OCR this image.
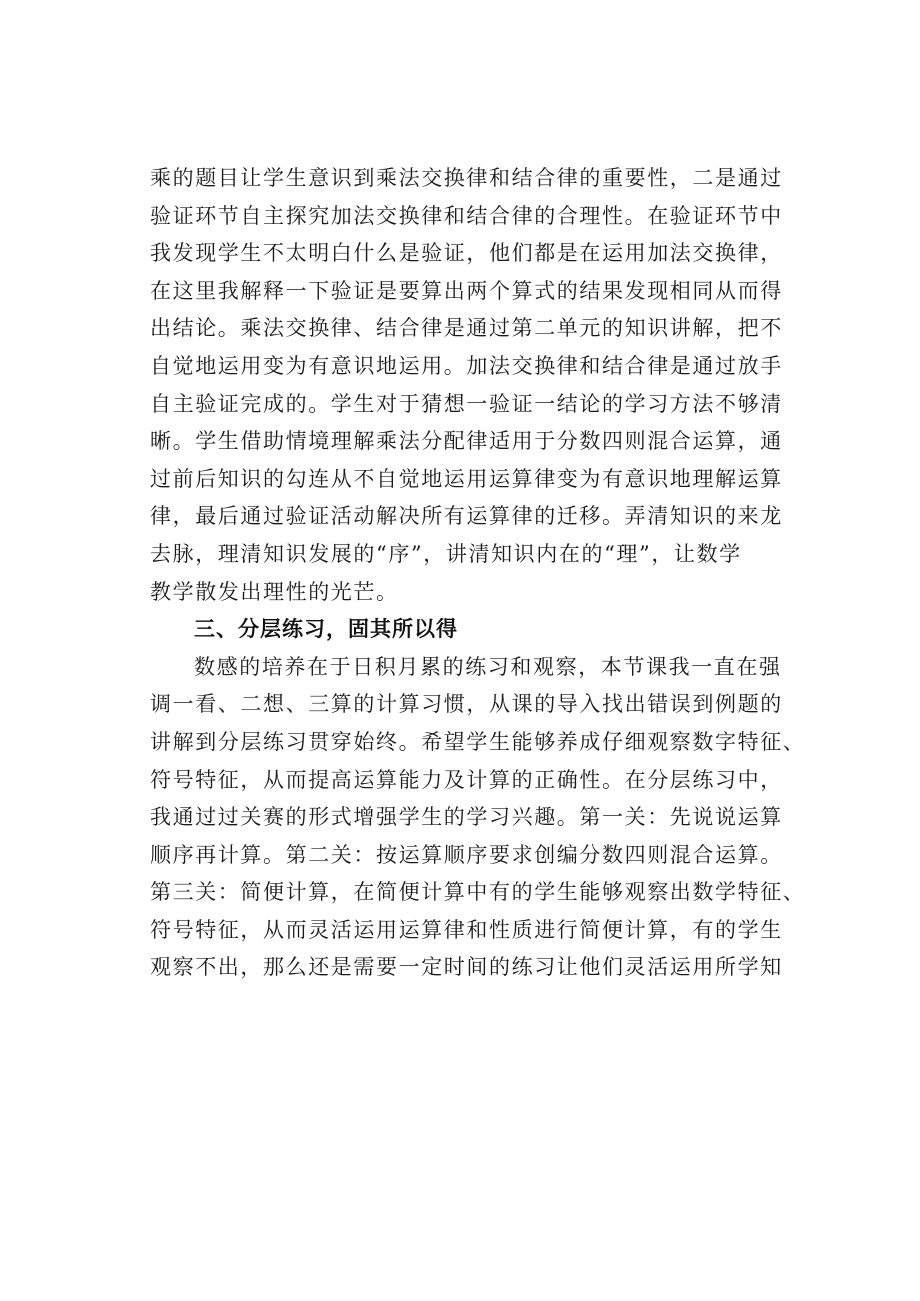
乘的题目让学生意识到乘法交换律和结合律的重要性，二是通过
验证环节自主探究加法交换律和结合律的合理性。在验证环节中
我发现学生不太明白什么是验证，他们都是在运用加法交换律，
在这里我解释一下验证是要算出两个算式的结果发现相同从而得
出结论。乘法交换律、结合律是通过第二单元的知识讲解，把不
自觉地运用变为有意识地运用。加法交换律和结合律是通过放手
自主验证完成的。学生对于猜想一验证一结论的学习方法不够清
晰。学生借助情境理解乘法分配律适用于分数四则混合运算，通
过前后知识的勾连从不自觉地运用运算律变为有意识地理解运算
律，最后通过验证活动解决所有运算律的迁移。弄清知识的来龙
去脉，理清知识发展的“序”，讲清知识内在的“理”，让数学
教学散发出理性的光芒。
三、分层练习，固其所以得
数感的培养在于日积月累的练习和观察，本节课我一直在强
调一看、二想、三算的计算习惯，从课的导入找出错误到例题的
讲解到分层练习贯穿始终。希望学生能够养成仔细观察数字特征、
符号特征，从而提高运算能力及计算的正确性。在分层练习中，
我通过过关赛的形式增强学生的学习兴趣。第一关：先说说运算
顺序再计算。第二关：按运算顺序要求创编分数四则混合运算。
第三关：简便计算，在简便计算中有的学生能够观察出数学特征、
符号特征，从而灵活运用运算律和性质进行简便计算，有的学生
观察不出，那么还是需要一定时间的练习让他们灵活运用所学知
